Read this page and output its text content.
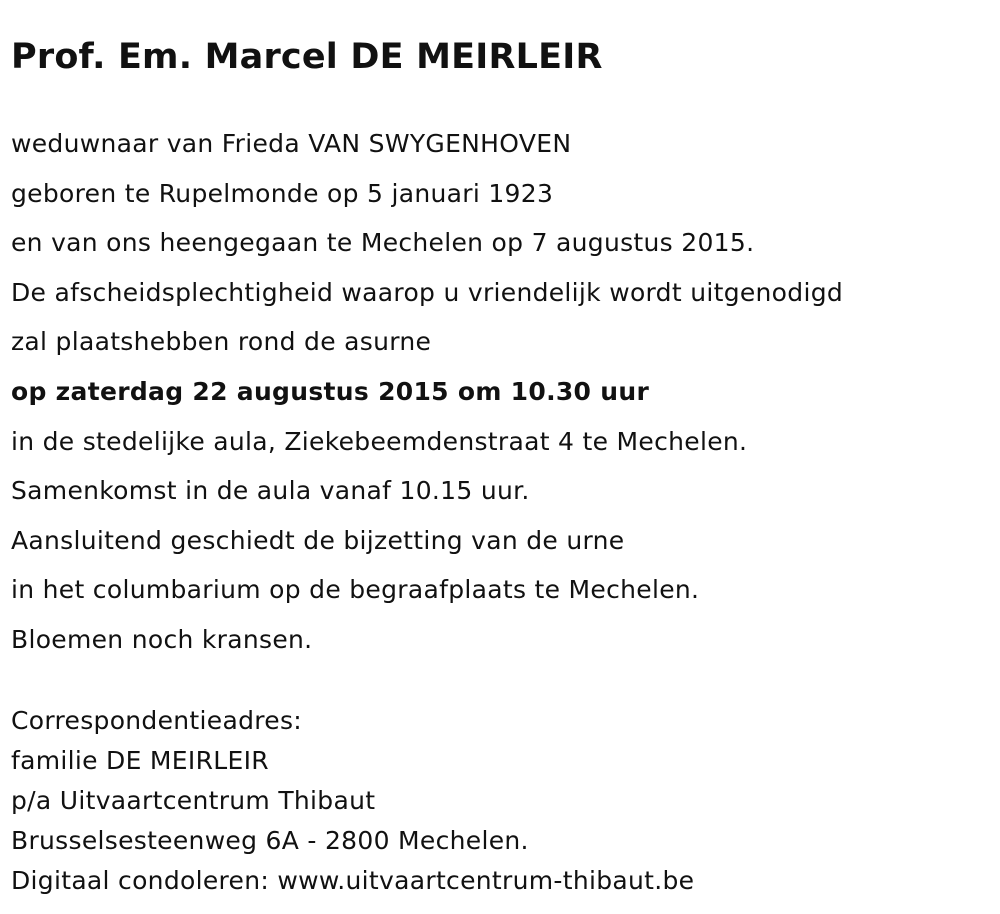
Prof. Em. Marcel DE MEIRLEIR
weduwnaar van Frieda VAN SWYGENHOVEN
geboren te Rupelmonde op 5 januari 1923
en van ons heengegaan te Mechelen op 7 augustus 2015.
De afscheidsplechtigheid waarop u vriendelijk wordt uitgenodigd
zal plaatshebben rond de asurne
op zaterdag 22 augustus 2015 om 10.30 uur
in de stedelijke aula, Ziekebeemdenstraat 4 te Mechelen.
Samenkomst in de aula vanaf 10.15 uur.
Aansluitend geschiedt de bijzetting van de urne
in het columbarium op de begraafplaats te Mechelen.
Bloemen noch kransen.
Correspondentieadres:
familie DE MEIRLEIR
p/a Uitvaartcentrum Thibaut
Brusselsesteenweg 6A - 2800 Mechelen.
Digitaal condoleren: www.uitvaartcentrum-thibaut.be
